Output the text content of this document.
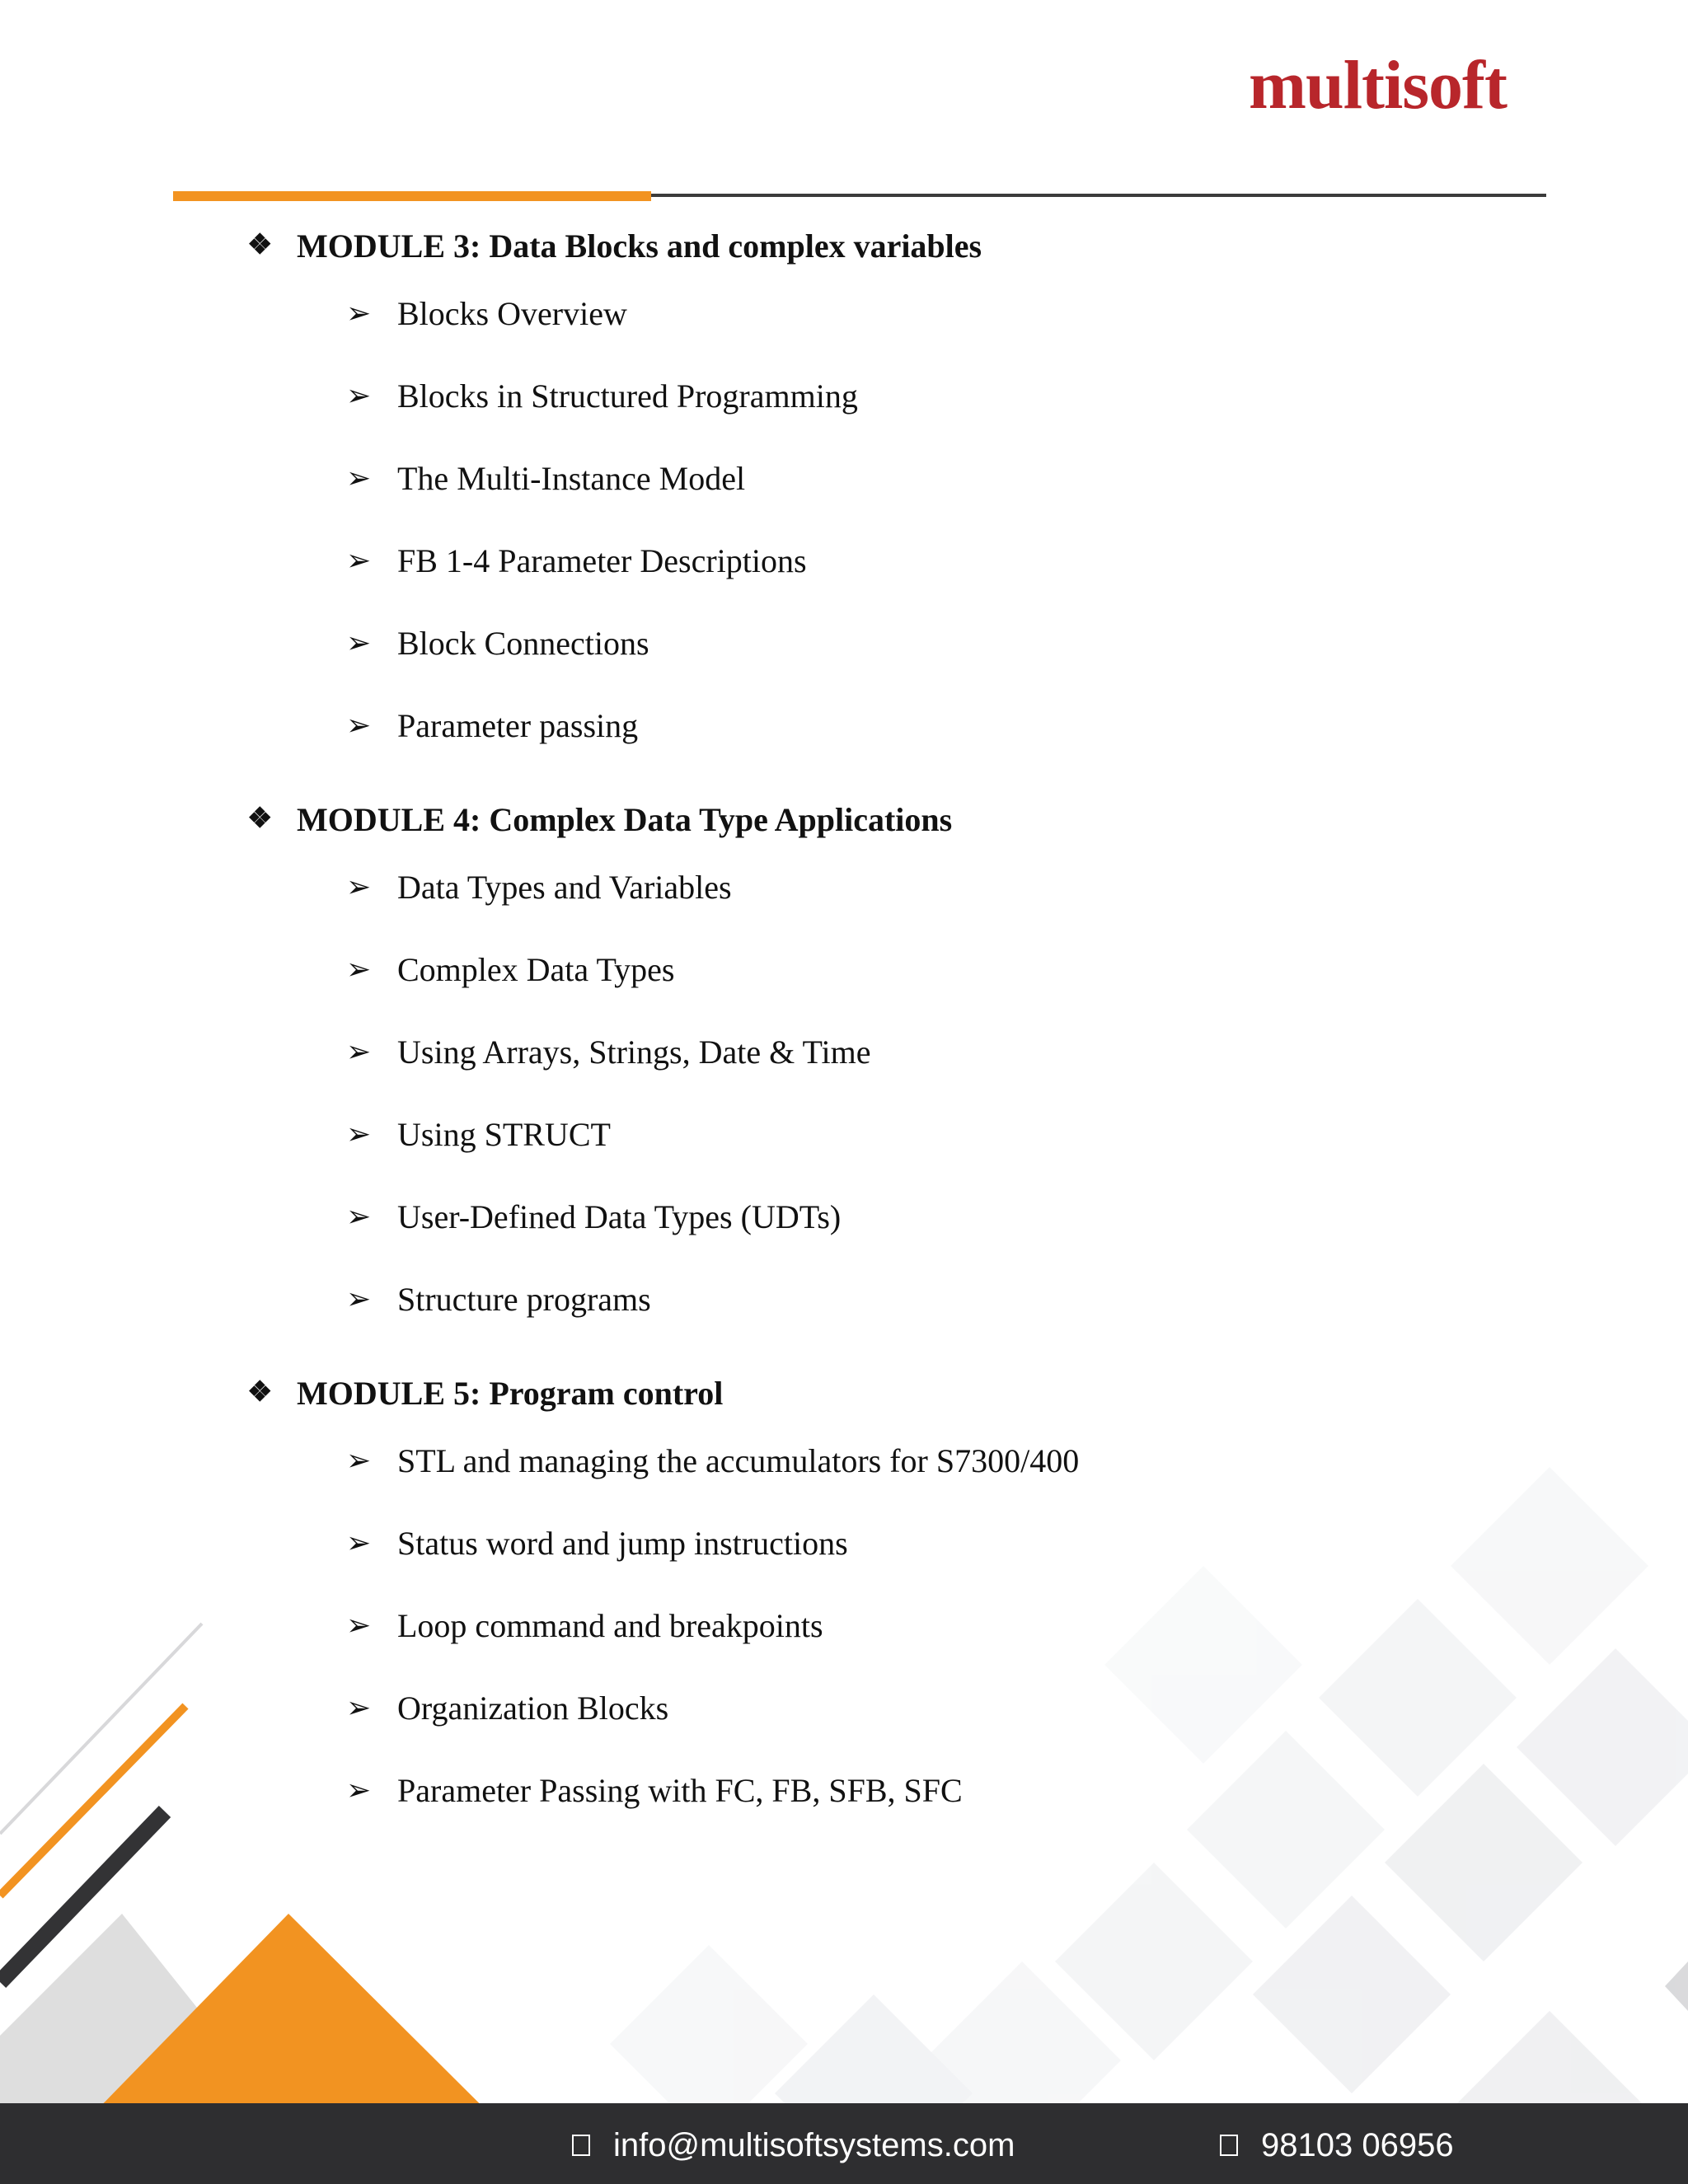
multisoft
❖ MODULE 3: Data Blocks and complex variables
➢ Blocks Overview
➢ Blocks in Structured Programming
➢ The Multi-Instance Model
➢ FB 1-4 Parameter Descriptions
➢ Block Connections
➢ Parameter passing
❖ MODULE 4: Complex Data Type Applications
➢ Data Types and Variables
➢ Complex Data Types
➢ Using Arrays, Strings, Date & Time
➢ Using STRUCT
➢ User-Defined Data Types (UDTs)
➢ Structure programs
❖ MODULE 5: Program control
➢ STL and managing the accumulators for S7300/400
➢ Status word and jump instructions
➢ Loop command and breakpoints
➢ Organization Blocks
➢ Parameter Passing with FC, FB, SFB, SFC
info@multisoftsystems.com	98103 06956
